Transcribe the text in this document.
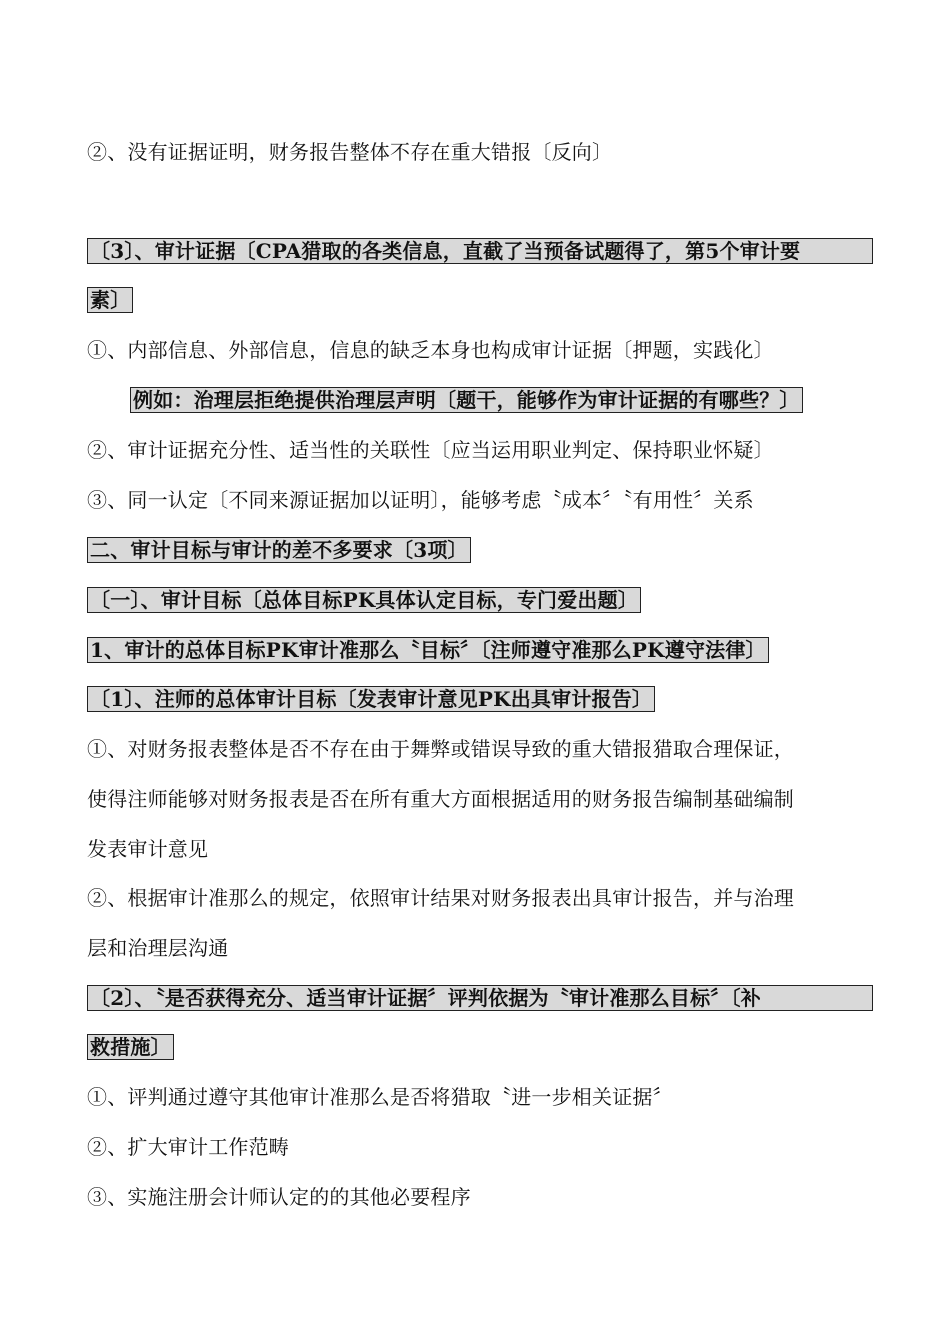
②、没有证据证明，财务报告整体不存在重大错报〔反向〕
〔3〕、审计证据〔CPA猎取的各类信息，直截了当预备试题得了，第5个审计要
素〕
①、内部信息、外部信息，信息的缺乏本身也构成审计证据〔押题，实践化〕
例如：治理层拒绝提供治理层声明〔题干，能够作为审计证据的有哪些？〕
②、审计证据充分性、适当性的关联性〔应当运用职业判定、保持职业怀疑〕
③、同一认定〔不同来源证据加以证明〕，能够考虑〝成本〞〝有用性〞关系
二、审计目标与审计的差不多要求〔3项〕
〔一〕、审计目标〔总体目标PK具体认定目标，专门爱出题〕
1、审计的总体目标PK审计准那么〝目标〞〔注师遵守准那么PK遵守法律〕
〔1〕、注师的总体审计目标〔发表审计意见PK出具审计报告〕
①、对财务报表整体是否不存在由于舞弊或错误导致的重大错报猎取合理保证，
使得注师能够对财务报表是否在所有重大方面根据适用的财务报告编制基础编制
发表审计意见
②、根据审计准那么的规定，依照审计结果对财务报表出具审计报告，并与治理
层和治理层沟通
〔2〕、〝是否获得充分、适当审计证据〞评判依据为〝审计准那么目标〞〔补
救措施〕
①、评判通过遵守其他审计准那么是否将猎取〝进一步相关证据〞
②、扩大审计工作范畴
③、实施注册会计师认定的的其他必要程序
